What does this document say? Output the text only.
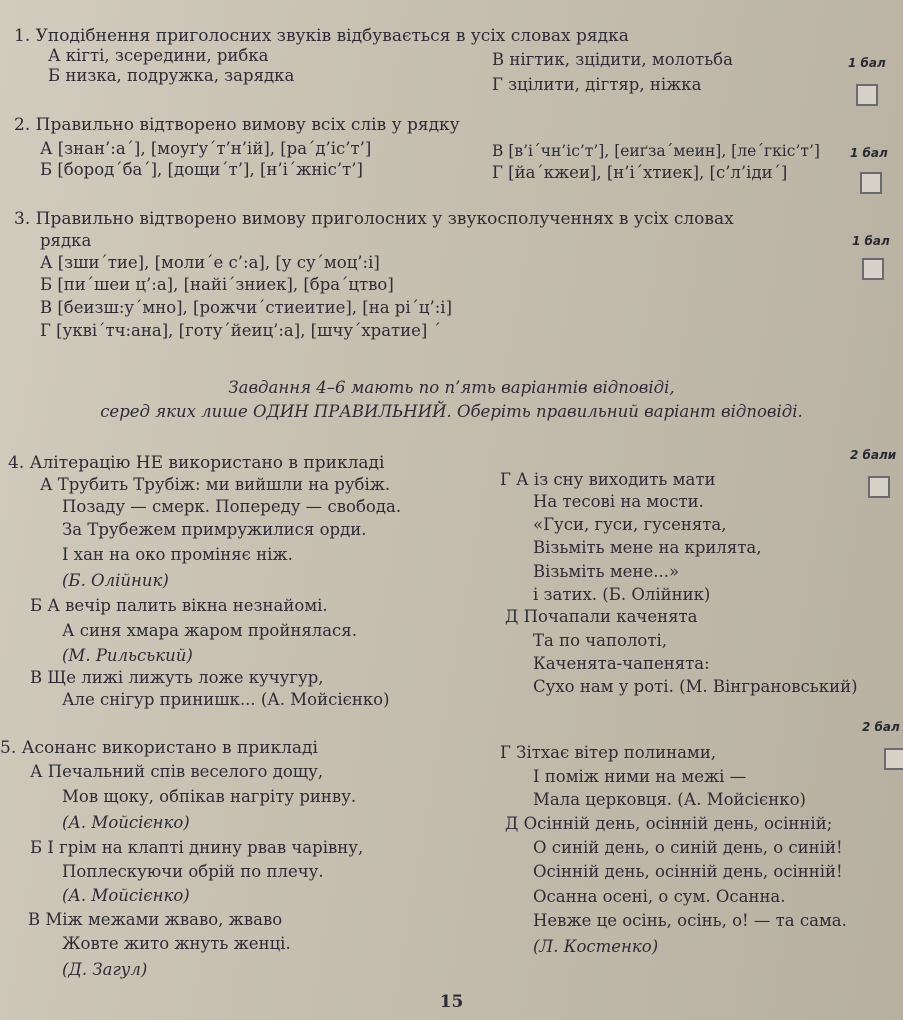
1. Уподібнення приголосних звуків відбувається в усіх словах рядка
А кігті, зсередини, рибка
Б низка, подружка, зарядка
В нігтик, зцідити, молотьба
Г зцілити, дігтяр, ніжка
1 бал
2. Правильно відтворено вимову всіх слів у рядку
А [знан’:а´], [моуґу´т’н’ій], [ра´д’іс’т’]
Б [бород´ба´], [дощи´т’], [н’і´жніс’т’]
В [в’і´чн’іс’т’], [еиґза´меин], [ле´гкіс’т’]
Г [йа´кжеи], [н’і´хтиек], [с’л’іди´]
1 бал
3. Правильно відтворено вимову приголосних у звукосполученнях в усіх словах
рядка	1 бал
А [зши´тие], [моли´е с’:а], [у су´моц’:і]
Б [пи´шеи ц’:а], [найі´зниек], [бра´цтво]
В [беизш:у´мно], [рожчи´стиеитие], [на рі´ц’:і]
Г [укві´тч:ана], [готу´йеиц’:а], [шчу´хратие] ´
Завдання 4–6 мають по п’ять варіантів відповіді,
серед яких лише ОДИН ПРАВИЛЬНИЙ. Оберіть правильний варіант відповіді.
4. Алітерацію НЕ використано в прикладі	2 бали
А Трубить Трубіж: ми вийшли на рубіж.
Позаду — смерк. Попереду — свобода.
За Трубежем примружилися орди.
І хан на око проміняє ніж.
(Б. Олійник)
Б А вечір палить вікна незнайомі.
А синя хмара жаром пройнялася.
(М. Рильський)
В Ще лижі лижуть ложе кучугур,
Але снігур принишк... (А. Мойсієнко)
Г А із сну виходить мати
На тесові на мости.
«Гуси, гуси, гусенята,
Візьміть мене на крилята,
Візьміть мене...»
і затих. (Б. Олійник)
Д Почапали каченята
Та по чаполоті,
Каченята-чапенята:
Сухо нам у роті. (М. Вінграновський)
2 бал
5. Асонанс використано в прикладі
А Печальний спів веселого дощу,
Мов щоку, обпікав нагріту ринву.
(А. Мойсієнко)
Б І грім на клапті днину рвав чарівну,
Поплескуючи обрій по плечу.
(А. Мойсієнко)
В Між межами жваво, жваво
Жовте жито жнуть женці.
(Д. Загул)
Г Зітхає вітер полинами,
І поміж ними на межі —
Мала церковця. (А. Мойсієнко)
Д Осінній день, осінній день, осінній;
О синій день, о синій день, о синій!
Осінній день, осінній день, осінній!
Осанна осені, о сум. Осанна.
Невже це осінь, осінь, о! — та сама.
(Л. Костенко)
15
